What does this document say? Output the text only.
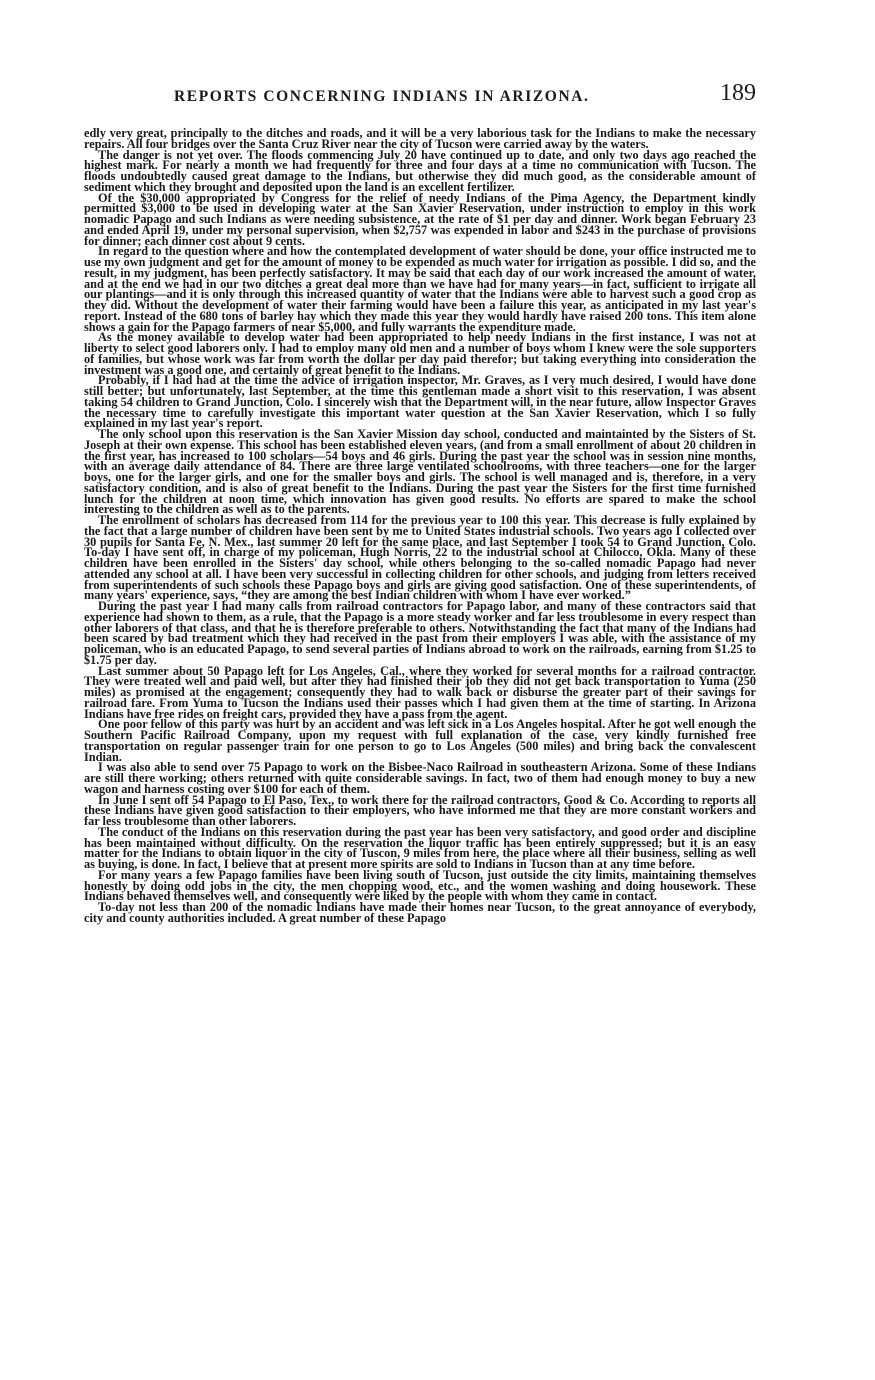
REPORTS CONCERNING INDIANS IN ARIZONA.	189

edly very great, principally to the ditches and roads, and it will be a very laborious task for the Indians to make the necessary repairs. All four bridges over the Santa Cruz River near the city of Tucson were carried away by the waters.

The danger is not yet over. The floods commencing July 20 have continued up to date, and only two days ago reached the highest mark. For nearly a month we had frequently for three and four days at a time no communication with Tucson. The floods undoubtedly caused great damage to the Indians, but otherwise they did much good, as the considerable amount of sediment which they brought and deposited upon the land is an excellent fertilizer.

Of the $30,000 appropriated by Congress for the relief of needy Indians of the Pima Agency, the Department kindly permitted $3,000 to be used in developing water at the San Xavier Reservation, under instruction to employ in this work nomadic Papago and such Indians as were needing subsistence, at the rate of $1 per day and dinner. Work began February 23 and ended April 19, under my personal supervision, when $2,757 was expended in labor and $243 in the purchase of provisions for dinner; each dinner cost about 9 cents.

In regard to the question where and how the contemplated development of water should be done, your office instructed me to use my own judgment and get for the amount of money to be expended as much water for irrigation as possible. I did so, and the result, in my judgment, has been perfectly satisfactory. It may be said that each day of our work increased the amount of water, and at the end we had in our two ditches a great deal more than we have had for many years—in fact, sufficient to irrigate all our plantings—and it is only through this increased quantity of water that the Indians were able to harvest such a good crop as they did. Without the development of water their farming would have been a failure this year, as anticipated in my last year's report. Instead of the 680 tons of barley hay which they made this year they would hardly have raised 200 tons. This item alone shows a gain for the Papago farmers of near $5,000, and fully warrants the expenditure made.

As the money available to develop water had been appropriated to help needy Indians in the first instance, I was not at liberty to select good laborers only. I had to employ many old men and a number of boys whom I knew were the sole supporters of families, but whose work was far from worth the dollar per day paid therefor; but taking everything into consideration the investment was a good one, and certainly of great benefit to the Indians.

Probably, if I had had at the time the advice of irrigation inspector, Mr. Graves, as I very much desired, I would have done still better; but unfortunately, last September, at the time this gentleman made a short visit to this reservation, I was absent taking 54 children to Grand Junction, Colo. I sincerely wish that the Department will, in the near future, allow Inspector Graves the necessary time to carefully investigate this important water question at the San Xavier Reservation, which I so fully explained in my last year's report.

The only school upon this reservation is the San Xavier Mission day school, conducted and maintainted by the Sisters of St. Joseph at their own expense. This school has been established eleven years, (and from a small enrollment of about 20 children in the first year, has increased to 100 scholars—54 boys and 46 girls. During the past year the school was in session nine months, with an average daily attendance of 84. There are three large ventilated schoolrooms, with three teachers—one for the larger boys, one for the larger girls, and one for the smaller boys and girls. The school is well managed and is, therefore, in a very satisfactory condition, and is also of great benefit to the Indians. During the past year the Sisters for the first time furnished lunch for the children at noon time, which innovation has given good results. No efforts are spared to make the school interesting to the children as well as to the parents.

The enrollment of scholars has decreased from 114 for the previous year to 100 this year. This decrease is fully explained by the fact that a large number of children have been sent by me to United States industrial schools. Two years ago I collected over 30 pupils for Santa Fe, N. Mex., last summer 20 left for the same place, and last September I took 54 to Grand Junction, Colo. To-day I have sent off, in charge of my policeman, Hugh Norris, 22 to the industrial school at Chilocco, Okla. Many of these children have been enrolled in the Sisters' day school, while others belonging to the so-called nomadic Papago had never attended any school at all. I have been very successful in collecting children for other schools, and judging from letters received from superintendents of such schools these Papago boys and girls are giving good satisfaction. One of these superintendents, of many years' experience, says, “they are among the best Indian children with whom I have ever worked.”

During the past year I had many calls from railroad contractors for Papago labor, and many of these contractors said that experience had shown to them, as a rule, that the Papago is a more steady worker and far less troublesome in every respect than other laborers of that class, and that he is therefore preferable to others. Notwithstanding the fact that many of the Indians had been scared by bad treatment which they had received in the past from their employers I was able, with the assistance of my policeman, who is an educated Papago, to send several parties of Indians abroad to work on the railroads, earning from $1.25 to $1.75 per day.

Last summer about 50 Papago left for Los Angeles, Cal., where they worked for several months for a railroad contractor. They were treated well and paid well, but after they had finished their job they did not get back transportation to Yuma (250 miles) as promised at the engagement; consequently they had to walk back or disburse the greater part of their savings for railroad fare. From Yuma to Tucson the Indians used their passes which I had given them at the time of starting. In Arizona Indians have free rides on freight cars, provided they have a pass from the agent.

One poor fellow of this party was hurt by an accident and was left sick in a Los Angeles hospital. After he got well enough the Southern Pacific Railroad Company, upon my request with full explanation of the case, very kindly furnished free transportation on regular passenger train for one person to go to Los Angeles (500 miles) and bring back the convalescent Indian.

I was also able to send over 75 Papago to work on the Bisbee-Naco Railroad in southeastern Arizona. Some of these Indians are still there working; others returned with quite considerable savings. In fact, two of them had enough money to buy a new wagon and harness costing over $100 for each of them.

In June I sent off 54 Papago to El Paso, Tex., to work there for the railroad contractors, Good & Co. According to reports all these Indians have given good satisfaction to their employers, who have informed me that they are more constant workers and far less troublesome than other laborers.

The conduct of the Indians on this reservation during the past year has been very satisfactory, and good order and discipline has been maintained without difficulty. On the reservation the liquor traffic has been entirely suppressed; but it is an easy matter for the Indians to obtain liquor in the city of Tuscon, 9 miles from here, the place where all their business, selling as well as buying, is done. In fact, I believe that at present more spirits are sold to Indians in Tucson than at any time before.

For many years a few Papago families have been living south of Tucson, just outside the city limits, maintaining themselves honestly by doing odd jobs in the city, the men chopping wood, etc., and the women washing and doing housework. These Indians behaved themselves well, and consequently were liked by the people with whom they came in contact.

To-day not less than 200 of the nomadic Indians have made their homes near Tucson, to the great annoyance of everybody, city and county authorities included. A great number of these Papago
